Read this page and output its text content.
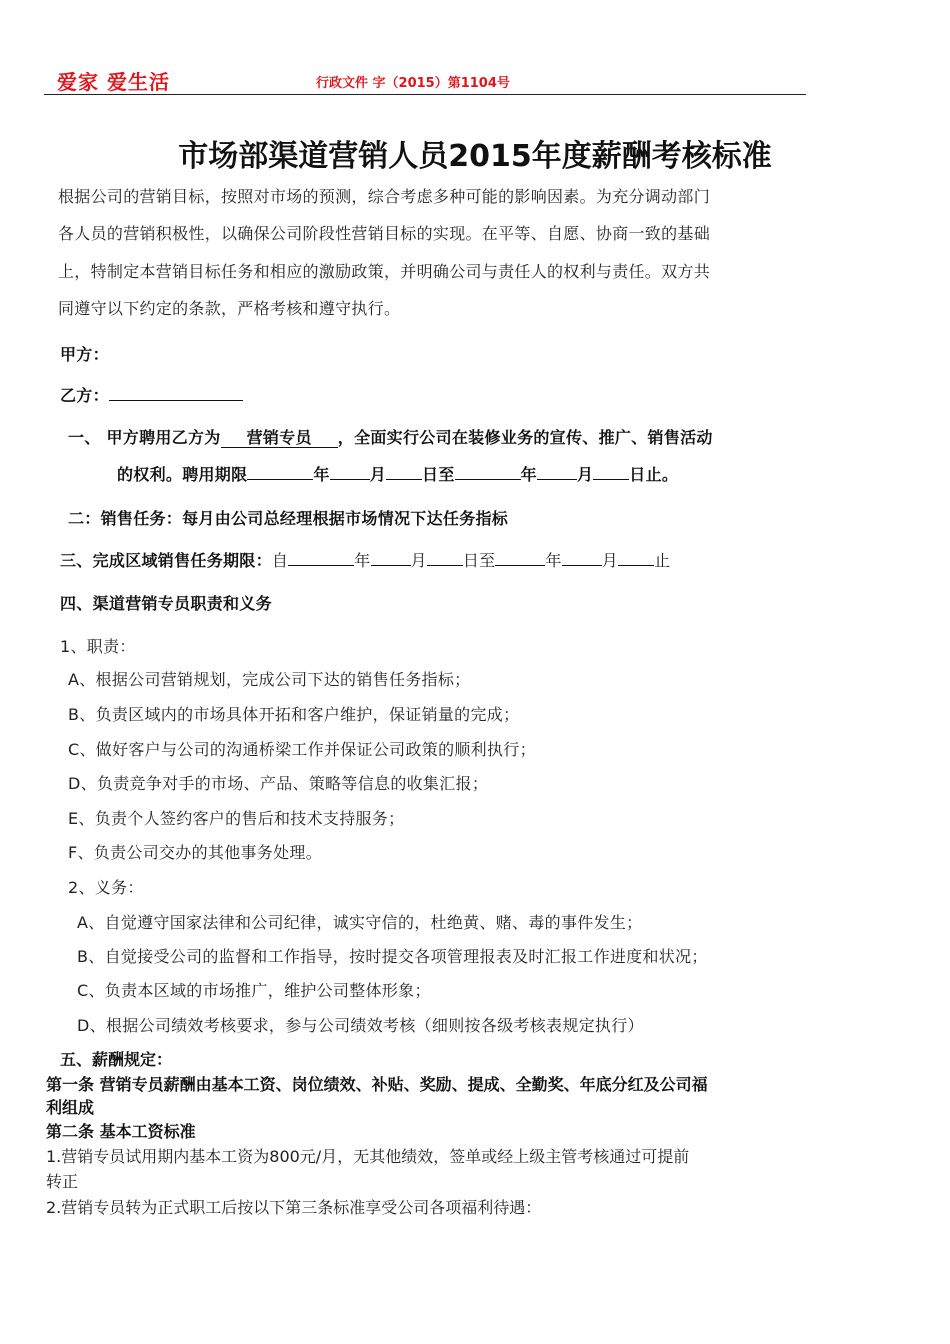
爱家 爱生活	行政文件 字（2015）第1104号
市场部渠道营销人员2015年度薪酬考核标准
根据公司的营销目标，按照对市场的预测，综合考虑多种可能的影响因素。为充分调动部门
各人员的营销积极性，以确保公司阶段性营销目标的实现。在平等、自愿、协商一致的基础
上，特制定本营销目标任务和相应的激励政策，并明确公司与责任人的权利与责任。双方共
同遵守以下约定的条款，严格考核和遵守执行。
甲方：
乙方：
一、 甲方聘用乙方为 营销专员 ，全面实行公司在装修业务的宣传、推广、销售活动
的权利。聘用期限	年	月 日至	年	月 日止。
二：销售任务：每月由公司总经理根据市场情况下达任务指标
三、完成区域销售任务期限：自	年	月 日至	年	月 止
四、渠道营销专员职责和义务
1、职责：
A、根据公司营销规划，完成公司下达的销售任务指标；
B、负责区域内的市场具体开拓和客户维护，保证销量的完成；
C、做好客户与公司的沟通桥梁工作并保证公司政策的顺利执行；
D、负责竞争对手的市场、产品、策略等信息的收集汇报；
E、负责个人签约客户的售后和技术支持服务；
F、负责公司交办的其他事务处理。
2、义务：
A、自觉遵守国家法律和公司纪律，诚实守信的，杜绝黄、赌、毒的事件发生；
B、自觉接受公司的监督和工作指导，按时提交各项管理报表及时汇报工作进度和状况；
C、负责本区域的市场推广，维护公司整体形象；
D、根据公司绩效考核要求，参与公司绩效考核（细则按各级考核表规定执行）
五、薪酬规定：
第一条 营销专员薪酬由基本工资、岗位绩效、补贴、奖励、提成、全勤奖、年底分红及公司福
利组成
第二条 基本工资标准
1.营销专员试用期内基本工资为800元/月，无其他绩效，签单或经上级主管考核通过可提前
转正
2.营销专员转为正式职工后按以下第三条标准享受公司各项福利待遇：
